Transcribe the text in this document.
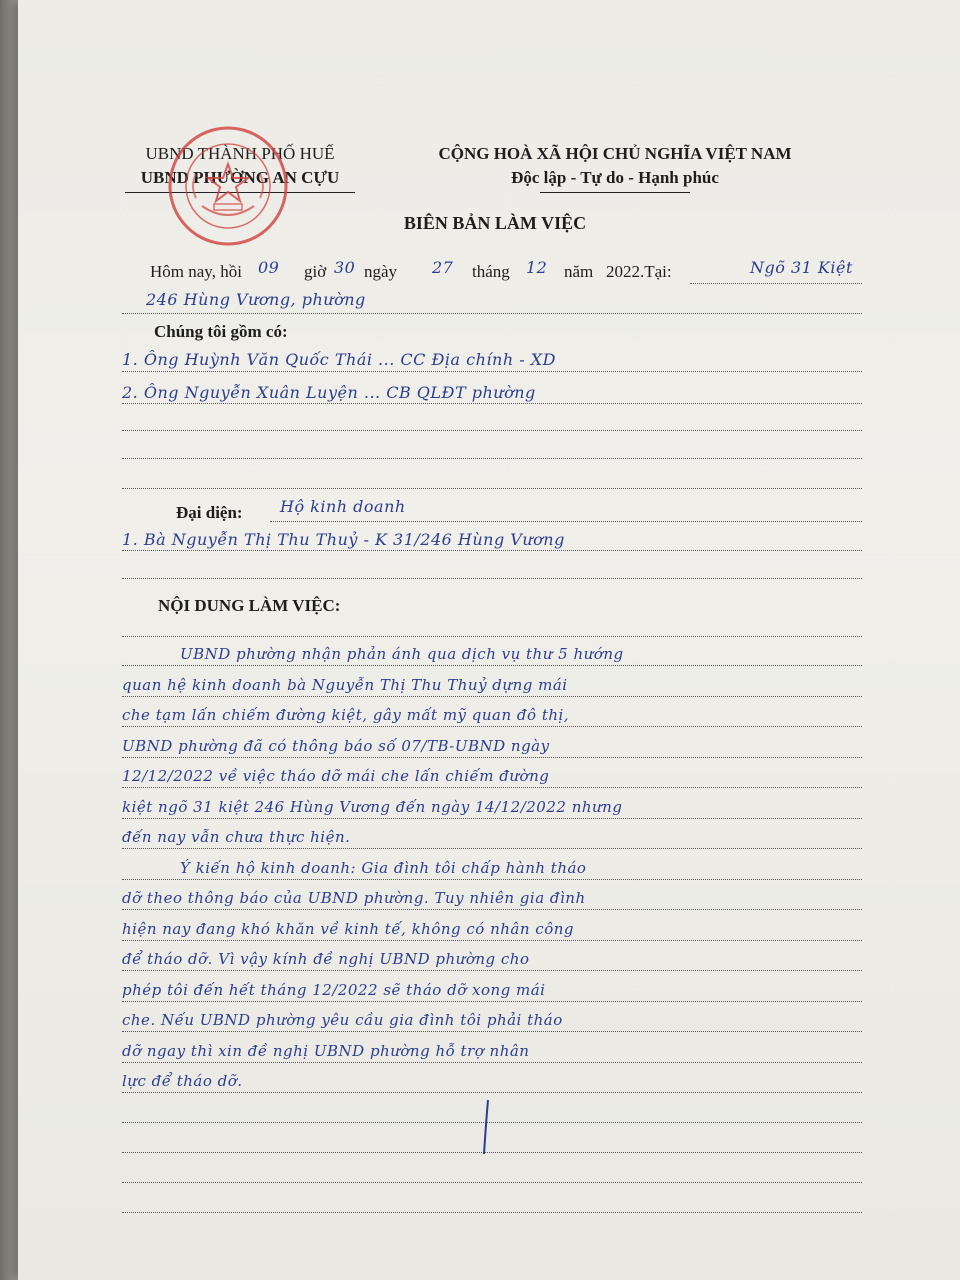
UBND THÀNH PHỐ HUẾ
UBND PHƯỜNG AN CỰU
CỘNG HOÀ XÃ HỘI CHỦ NGHĨA VIỆT NAM
Độc lập - Tự do - Hạnh phúc
BIÊN BẢN LÀM VIỆC
Hôm nay, hồi 09 giờ 30 ngày 27 tháng 12 năm 2022.Tại:	Ngõ 31 Kiệt
246 Hùng Vương, phường
Chúng tôi gồm có:
1. Ông Huỳnh Văn Quốc Thái ... CC Địa chính - XD
2. Ông Nguyễn Xuân Luyện ... CB QLĐT phường
Đại diện: Hộ kinh doanh
1. Bà Nguyễn Thị Thu Thuỷ - K 31/246 Hùng Vương
NỘI DUNG LÀM VIỆC:
UBND phường nhận phản ánh qua dịch vụ thư 5 hướng
quan hệ kinh doanh bà Nguyễn Thị Thu Thuỷ dựng mái
che tạm lấn chiếm đường kiệt, gây mất mỹ quan đô thị,
UBND phường đã có thông báo số 07/TB-UBND ngày
12/12/2022 về việc tháo dỡ mái che lấn chiếm đường
kiệt ngõ 31 kiệt 246 Hùng Vương đến ngày 14/12/2022 nhưng
đến nay vẫn chưa thực hiện.
Ý kiến hộ kinh doanh: Gia đình tôi chấp hành tháo
dỡ theo thông báo của UBND phường. Tuy nhiên gia đình
hiện nay đang khó khăn về kinh tế, không có nhân công
để tháo dỡ. Vì vậy kính đề nghị UBND phường cho
phép tôi đến hết tháng 12/2022 sẽ tháo dỡ xong mái
che. Nếu UBND phường yêu cầu gia đình tôi phải tháo
dỡ ngay thì xin đề nghị UBND phường hỗ trợ nhân
lực để tháo dỡ.
